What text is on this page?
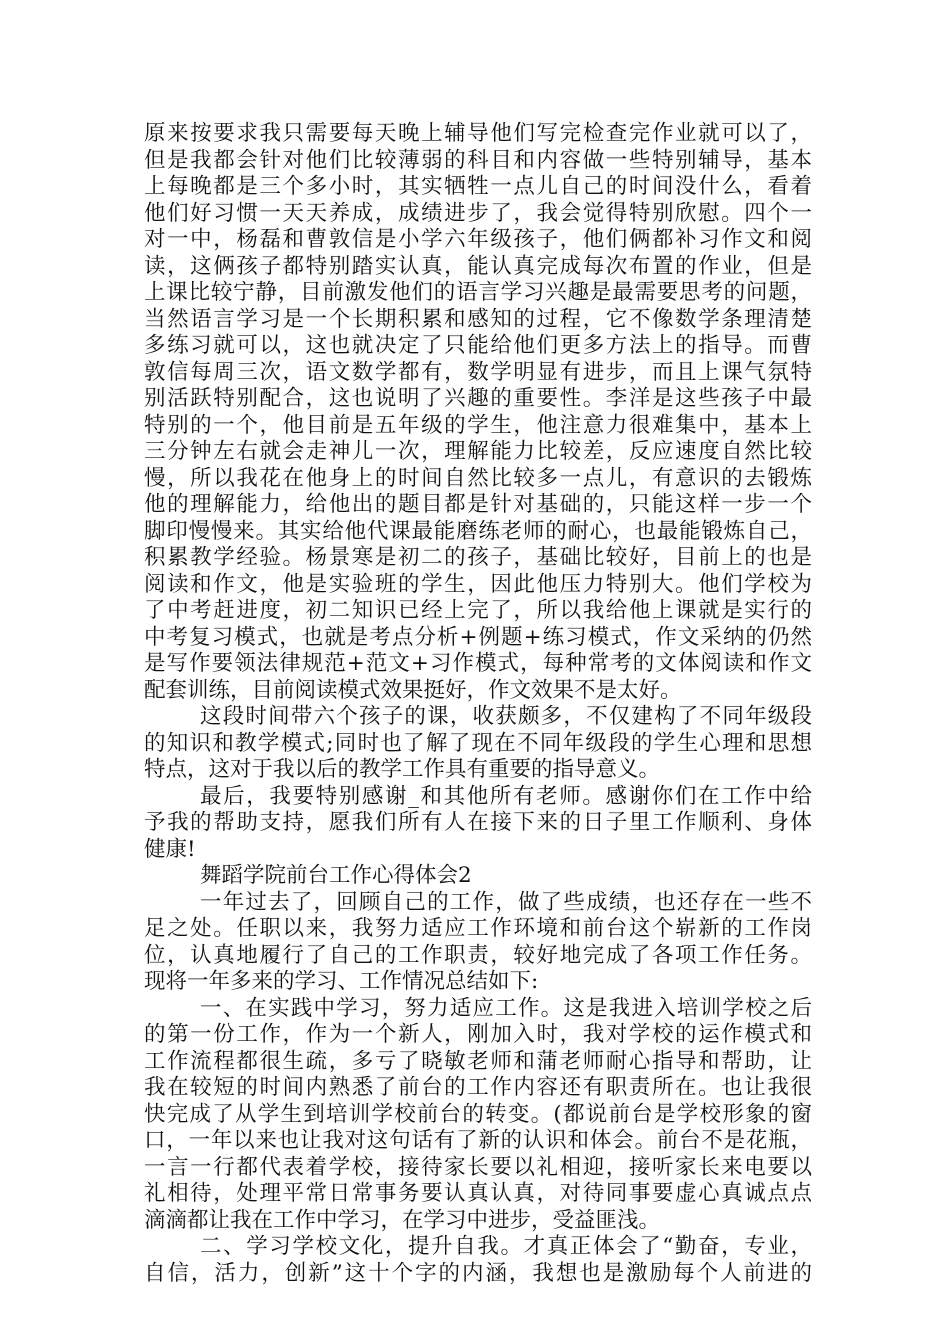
原来按要求我只需要每天晚上辅导他们写完检查完作业就可以了，
但是我都会针对他们比较薄弱的科目和内容做一些特别辅导，基本
上每晚都是三个多小时，其实牺牲一点儿自己的时间没什么，看着
他们好习惯一天天养成，成绩进步了，我会觉得特别欣慰。四个一
对一中，杨磊和曹敦信是小学六年级孩子，他们俩都补习作文和阅
读，这俩孩子都特别踏实认真，能认真完成每次布置的作业，但是
上课比较宁静，目前激发他们的语言学习兴趣是最需要思考的问题，
当然语言学习是一个长期积累和感知的过程，它不像数学条理清楚
多练习就可以，这也就决定了只能给他们更多方法上的指导。而曹
敦信每周三次，语文数学都有，数学明显有进步，而且上课气氛特
别活跃特别配合，这也说明了兴趣的重要性。李洋是这些孩子中最
特别的一个，他目前是五年级的学生，他注意力很难集中，基本上
三分钟左右就会走神儿一次，理解能力比较差，反应速度自然比较
慢，所以我花在他身上的时间自然比较多一点儿，有意识的去锻炼
他的理解能力，给他出的题目都是针对基础的，只能这样一步一个
脚印慢慢来。其实给他代课最能磨练老师的耐心，也最能锻炼自己，
积累教学经验。杨景寒是初二的孩子，基础比较好，目前上的也是
阅读和作文，他是实验班的学生，因此他压力特别大。他们学校为
了中考赶进度，初二知识已经上完了，所以我给他上课就是实行的
中考复习模式，也就是考点分析+例题+练习模式，作文采纳的仍然
是写作要领法律规范+范文+习作模式，每种常考的文体阅读和作文
配套训练，目前阅读模式效果挺好，作文效果不是太好。
这段时间带六个孩子的课，收获颇多，不仅建构了不同年级段
的知识和教学模式;同时也了解了现在不同年级段的学生心理和思想
特点，这对于我以后的教学工作具有重要的指导意义。
最后，我要特别感谢_和其他所有老师。感谢你们在工作中给
予我的帮助支持，愿我们所有人在接下来的日子里工作顺利、身体
健康!
舞蹈学院前台工作心得体会2
一年过去了，回顾自己的工作，做了些成绩，也还存在一些不
足之处。任职以来，我努力适应工作环境和前台这个崭新的工作岗
位，认真地履行了自己的工作职责，较好地完成了各项工作任务。
现将一年多来的学习、工作情况总结如下:
一、在实践中学习，努力适应工作。这是我进入培训学校之后
的第一份工作，作为一个新人，刚加入时，我对学校的运作模式和
工作流程都很生疏，多亏了晓敏老师和蒲老师耐心指导和帮助，让
我在较短的时间内熟悉了前台的工作内容还有职责所在。也让我很
快完成了从学生到培训学校前台的转变。(都说前台是学校形象的窗
口，一年以来也让我对这句话有了新的认识和体会。前台不是花瓶，
一言一行都代表着学校，接待家长要以礼相迎，接听家长来电要以
礼相待，处理平常日常事务要认真认真，对待同事要虚心真诚点点
滴滴都让我在工作中学习，在学习中进步，受益匪浅。
二、学习学校文化，提升自我。才真正体会了“勤奋，专业，
自信，活力，创新”这十个字的内涵，我想也是激励每个人前进的
